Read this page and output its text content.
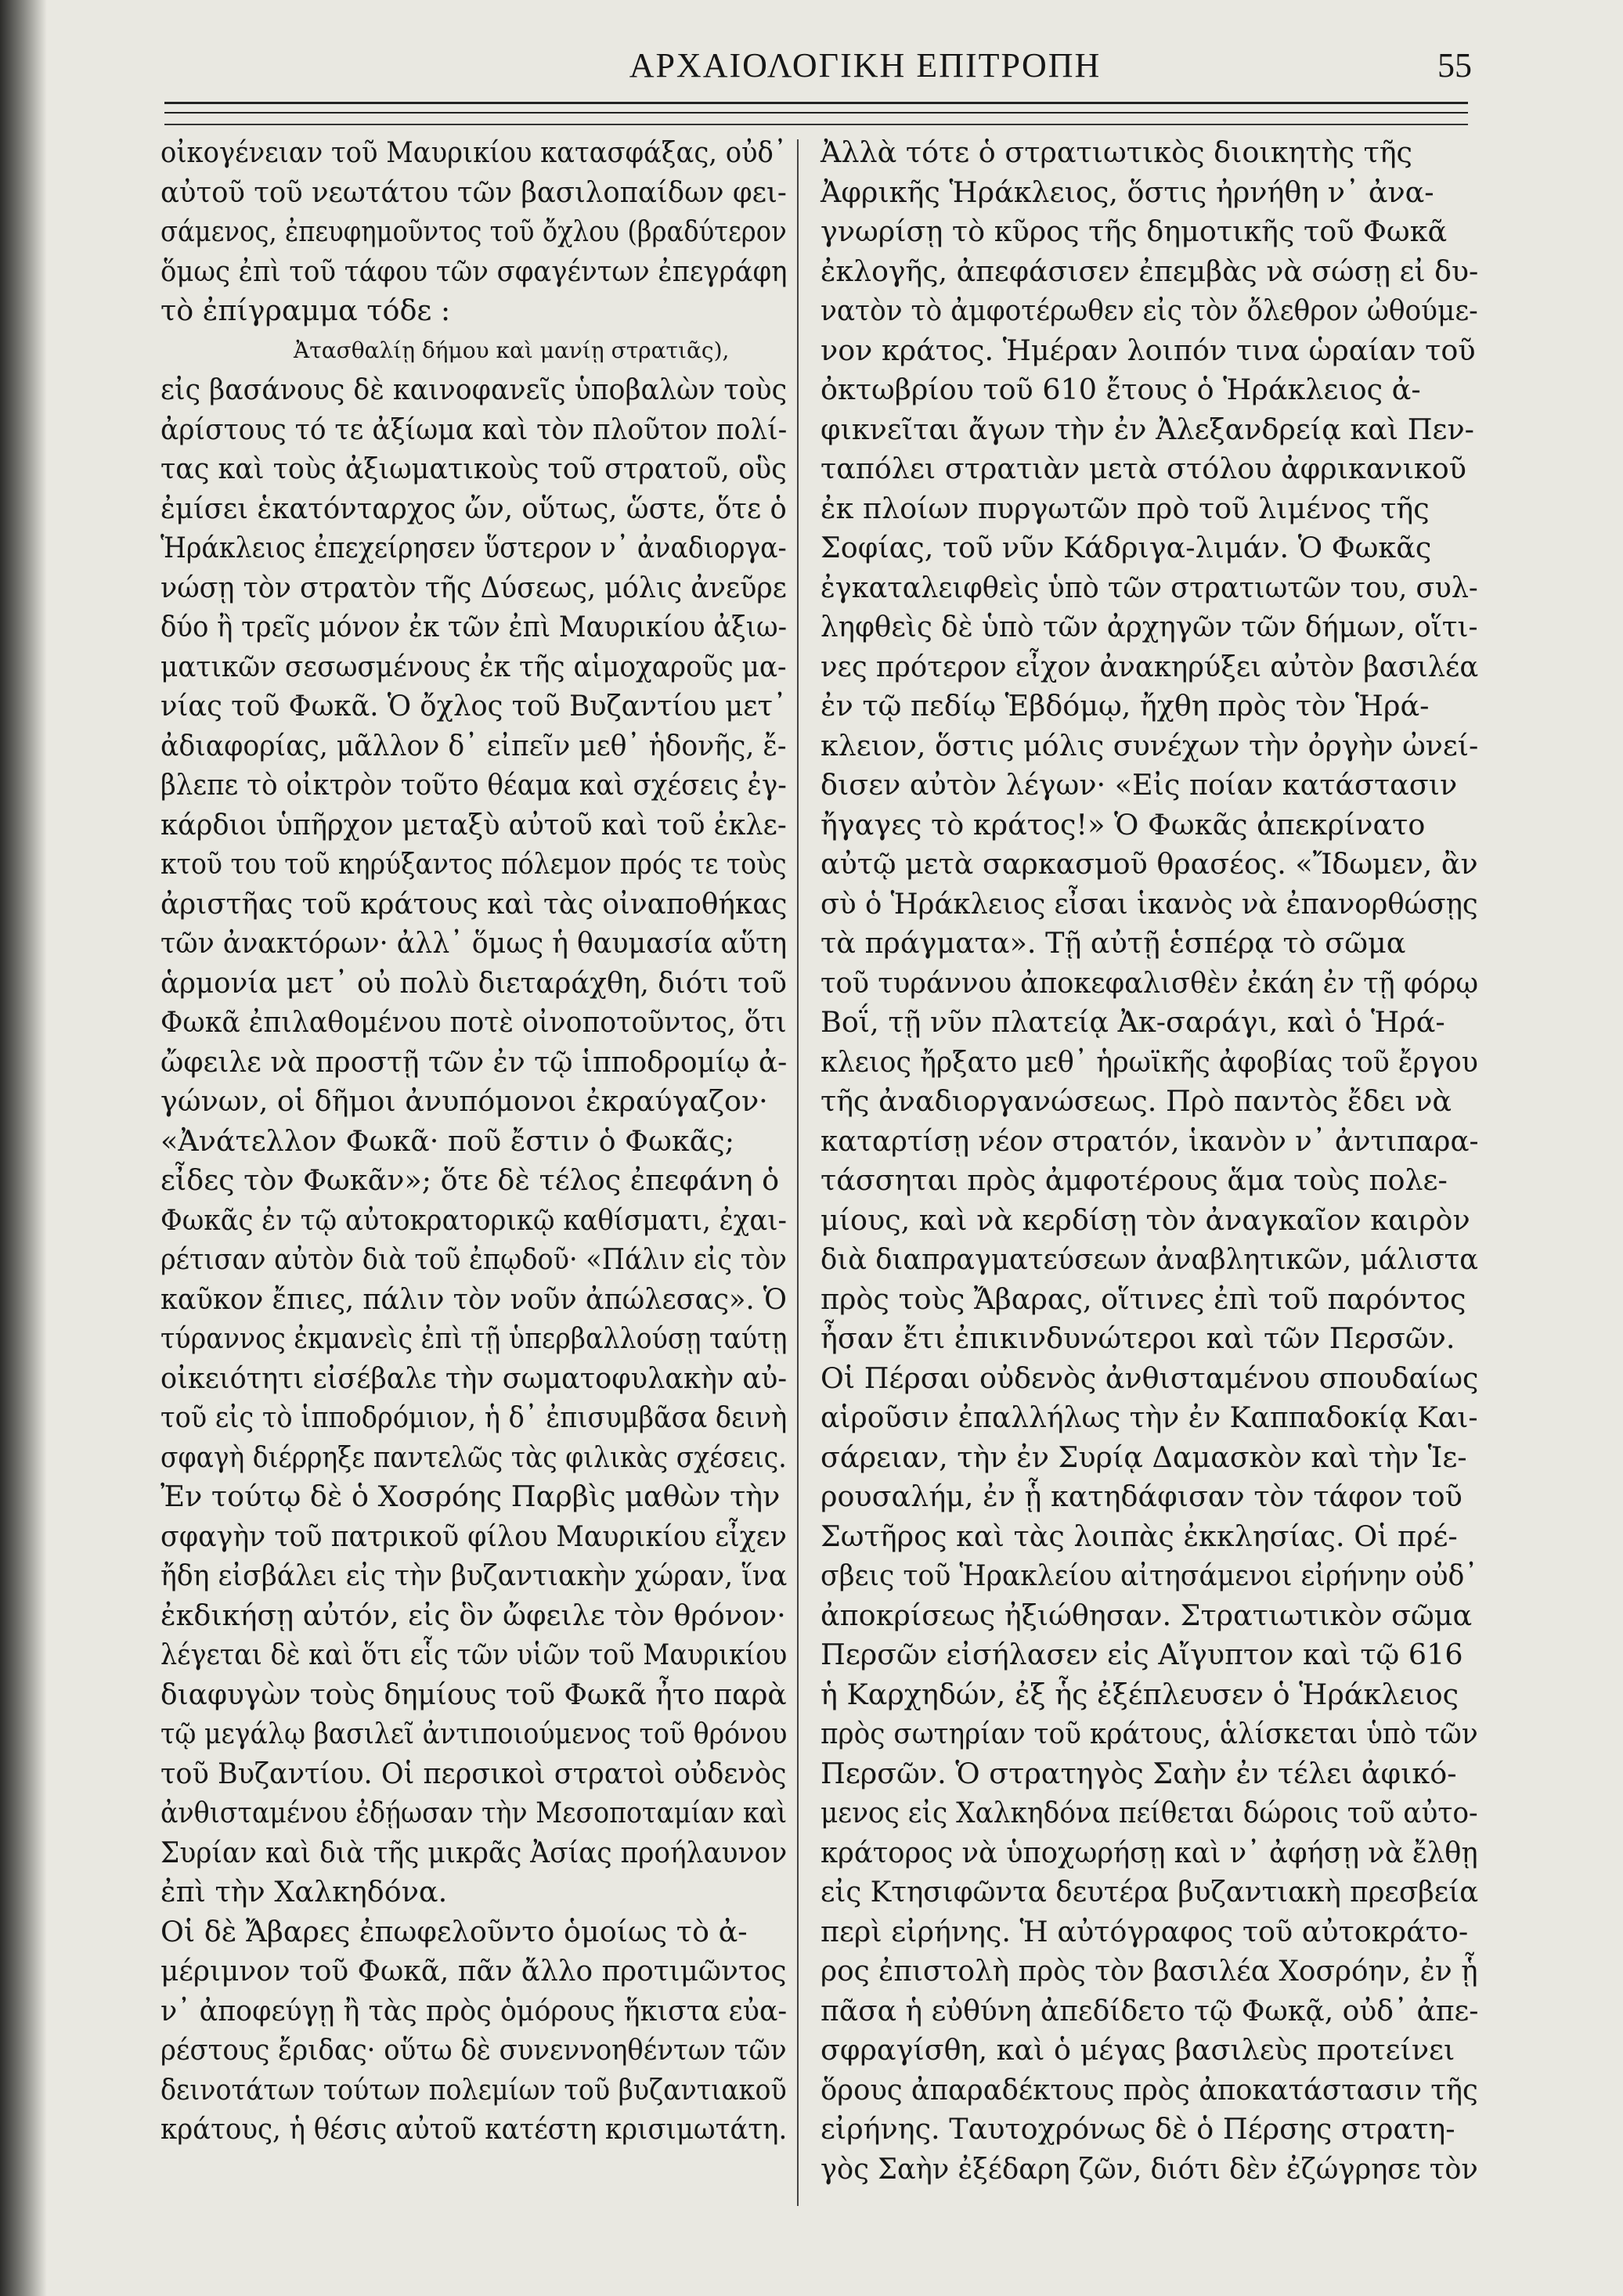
ΑΡΧΑΙΟΛΟΓΙΚΗ ΕΠΙΤΡΟΠΗ	55
οἰκογένειαν τοῦ Μαυρικίου κατασφάξας, οὐδ᾽
αὐτοῦ τοῦ νεωτάτου τῶν βασιλοπαίδων φει-
σάμενος, ἐπευφημοῦντος τοῦ ὄχλου (βραδύτερον
ὅμως ἐπὶ τοῦ τάφου τῶν σφαγέντων ἐπεγράφη
τὸ ἐπίγραμμα τόδε :
Ἀτασθαλίῃ δήμου καὶ μανίῃ στρατιᾶς),
εἰς βασάνους δὲ καινοφανεῖς ὑποβαλὼν τοὺς
ἀρίστους τό τε ἀξίωμα καὶ τὸν πλοῦτον πολί-
τας καὶ τοὺς ἀξιωματικοὺς τοῦ στρατοῦ, οὓς
ἐμίσει ἑκατόνταρχος ὤν, οὕτως, ὥστε, ὅτε ὁ
Ἡράκλειος ἐπεχείρησεν ὕστερον ν᾽ ἀναδιοργα-
νώσῃ τὸν στρατὸν τῆς Δύσεως, μόλις ἀνεῦρε
δύο ἢ τρεῖς μόνον ἐκ τῶν ἐπὶ Μαυρικίου ἀξιω-
ματικῶν σεσωσμένους ἐκ τῆς αἱμοχαροῦς μα-
νίας τοῦ Φωκᾶ. Ὁ ὄχλος τοῦ Βυζαντίου μετ᾽
ἀδιαφορίας, μᾶλλον δ᾽ εἰπεῖν μεθ᾽ ἡδονῆς, ἔ-
βλεπε τὸ οἰκτρὸν τοῦτο θέαμα καὶ σχέσεις ἐγ-
κάρδιοι ὑπῆρχον μεταξὺ αὐτοῦ καὶ τοῦ ἐκλε-
κτοῦ του τοῦ κηρύξαντος πόλεμον πρός τε τοὺς
ἀριστῆας τοῦ κράτους καὶ τὰς οἰναποθήκας
τῶν ἀνακτόρων· ἀλλ᾽ ὅμως ἡ θαυμασία αὕτη
ἁρμονία μετ᾽ οὐ πολὺ διεταράχθη, διότι τοῦ
Φωκᾶ ἐπιλαθομένου ποτὲ οἰνοποτοῦντος, ὅτι
ὤφειλε νὰ προστῇ τῶν ἐν τῷ ἱπποδρομίῳ ἀ-
γώνων, οἱ δῆμοι ἀνυπόμονοι ἐκραύγαζον·
«Ἀνάτελλον Φωκᾶ· ποῦ ἔστιν ὁ Φωκᾶς;
εἶδες τὸν Φωκᾶν»; ὅτε δὲ τέλος ἐπεφάνη ὁ
Φωκᾶς ἐν τῷ αὐτοκρατορικῷ καθίσματι, ἐχαι-
ρέτισαν αὐτὸν διὰ τοῦ ἐπῳδοῦ· «Πάλιν εἰς τὸν
καῦκον ἔπιες, πάλιν τὸν νοῦν ἀπώλεσας». Ὁ
τύραννος ἐκμανεὶς ἐπὶ τῇ ὑπερβαλλούσῃ ταύτῃ
οἰκειότητι εἰσέβαλε τὴν σωματοφυλακὴν αὐ-
τοῦ εἰς τὸ ἱπποδρόμιον, ἡ δ᾽ ἐπισυμβᾶσα δεινὴ
σφαγὴ διέρρηξε παντελῶς τὰς φιλικὰς σχέσεις.
Ἐν τούτῳ δὲ ὁ Χοσρόης Παρβὶς μαθὼν τὴν
σφαγὴν τοῦ πατρικοῦ φίλου Μαυρικίου εἶχεν
ἤδη εἰσβάλει εἰς τὴν βυζαντιακὴν χώραν, ἵνα
ἐκδικήσῃ αὐτόν, εἰς ὃν ὤφειλε τὸν θρόνον·
λέγεται δὲ καὶ ὅτι εἷς τῶν υἱῶν τοῦ Μαυρικίου
διαφυγὼν τοὺς δημίους τοῦ Φωκᾶ ἦτο παρὰ
τῷ μεγάλῳ βασιλεῖ ἀντιποιούμενος τοῦ θρόνου
τοῦ Βυζαντίου. Οἱ περσικοὶ στρατοὶ οὐδενὸς
ἀνθισταμένου ἐδῄωσαν τὴν Μεσοποταμίαν καὶ
Συρίαν καὶ διὰ τῆς μικρᾶς Ἀσίας προήλαυνον
ἐπὶ τὴν Χαλκηδόνα.
Οἱ δὲ Ἄβαρες ἐπωφελοῦντο ὁμοίως τὸ ἀ-
μέριμνον τοῦ Φωκᾶ, πᾶν ἄλλο προτιμῶντος
ν᾽ ἀποφεύγῃ ἢ τὰς πρὸς ὁμόρους ἥκιστα εὐα-
ρέστους ἔριδας· οὕτω δὲ συνεννοηθέντων τῶν
δεινοτάτων τούτων πολεμίων τοῦ βυζαντιακοῦ
κράτους, ἡ θέσις αὐτοῦ κατέστη κρισιμωτάτη.
Ἀλλὰ τότε ὁ στρατιωτικὸς διοικητὴς τῆς
Ἀφρικῆς Ἡράκλειος, ὅστις ἠρνήθη ν᾽ ἀνα-
γνωρίσῃ τὸ κῦρος τῆς δημοτικῆς τοῦ Φωκᾶ
ἐκλογῆς, ἀπεφάσισεν ἐπεμβὰς νὰ σώσῃ εἰ δυ-
νατὸν τὸ ἀμφοτέρωθεν εἰς τὸν ὄλεθρον ὠθούμε-
νον κράτος. Ἡμέραν λοιπόν τινα ὡραίαν τοῦ
ὀκτωβρίου τοῦ 610 ἔτους ὁ Ἡράκλειος ἀ-
φικνεῖται ἄγων τὴν ἐν Ἀλεξανδρείᾳ καὶ Πεν-
ταπόλει στρατιὰν μετὰ στόλου ἀφρικανικοῦ
ἐκ πλοίων πυργωτῶν πρὸ τοῦ λιμένος τῆς
Σοφίας, τοῦ νῦν Κάδριγα-λιμάν. Ὁ Φωκᾶς
ἐγκαταλειφθεὶς ὑπὸ τῶν στρατιωτῶν του, συλ-
ληφθεὶς δὲ ὑπὸ τῶν ἀρχηγῶν τῶν δήμων, οἵτι-
νες πρότερον εἶχον ἀνακηρύξει αὐτὸν βασιλέα
ἐν τῷ πεδίῳ Ἑβδόμῳ, ἤχθη πρὸς τὸν Ἡρά-
κλειον, ὅστις μόλις συνέχων τὴν ὀργὴν ὠνεί-
δισεν αὐτὸν λέγων· «Εἰς ποίαν κατάστασιν
ἤγαγες τὸ κράτος!» Ὁ Φωκᾶς ἀπεκρίνατο
αὐτῷ μετὰ σαρκασμοῦ θρασέος. «Ἴδωμεν, ἂν
σὺ ὁ Ἡράκλειος εἶσαι ἱκανὸς νὰ ἐπανορθώσῃς
τὰ πράγματα». Τῇ αὐτῇ ἑσπέρᾳ τὸ σῶμα
τοῦ τυράννου ἀποκεφαλισθὲν ἐκάη ἐν τῇ φόρῳ
Βοΐ, τῇ νῦν πλατείᾳ Ἀκ-σαράγι, καὶ ὁ Ἡρά-
κλειος ἤρξατο μεθ᾽ ἡρωϊκῆς ἀφοβίας τοῦ ἔργου
τῆς ἀναδιοργανώσεως. Πρὸ παντὸς ἔδει νὰ
καταρτίσῃ νέον στρατόν, ἱκανὸν ν᾽ ἀντιπαρα-
τάσσηται πρὸς ἀμφοτέρους ἅμα τοὺς πολε-
μίους, καὶ νὰ κερδίσῃ τὸν ἀναγκαῖον καιρὸν
διὰ διαπραγματεύσεων ἀναβλητικῶν, μάλιστα
πρὸς τοὺς Ἄβαρας, οἵτινες ἐπὶ τοῦ παρόντος
ἦσαν ἔτι ἐπικινδυνώτεροι καὶ τῶν Περσῶν.
Οἱ Πέρσαι οὐδενὸς ἀνθισταμένου σπουδαίως
αἱροῦσιν ἐπαλλήλως τὴν ἐν Καππαδοκίᾳ Και-
σάρειαν, τὴν ἐν Συρίᾳ Δαμασκὸν καὶ τὴν Ἱε-
ρουσαλήμ, ἐν ᾗ κατηδάφισαν τὸν τάφον τοῦ
Σωτῆρος καὶ τὰς λοιπὰς ἐκκλησίας. Οἱ πρέ-
σβεις τοῦ Ἡρακλείου αἰτησάμενοι εἰρήνην οὐδ᾽
ἀποκρίσεως ἠξιώθησαν. Στρατιωτικὸν σῶμα
Περσῶν εἰσήλασεν εἰς Αἴγυπτον καὶ τῷ 616
ἡ Καρχηδών, ἐξ ἧς ἐξέπλευσεν ὁ Ἡράκλειος
πρὸς σωτηρίαν τοῦ κράτους, ἁλίσκεται ὑπὸ τῶν
Περσῶν. Ὁ στρατηγὸς Σαὴν ἐν τέλει ἀφικό-
μενος εἰς Χαλκηδόνα πείθεται δώροις τοῦ αὐτο-
κράτορος νὰ ὑποχωρήσῃ καὶ ν᾽ ἀφήσῃ νὰ ἔλθῃ
εἰς Κτησιφῶντα δευτέρα βυζαντιακὴ πρεσβεία
περὶ εἰρήνης. Ἡ αὐτόγραφος τοῦ αὐτοκράτο-
ρος ἐπιστολὴ πρὸς τὸν βασιλέα Χοσρόην, ἐν ᾗ
πᾶσα ἡ εὐθύνη ἀπεδίδετο τῷ Φωκᾷ, οὐδ᾽ ἀπε-
σφραγίσθη, καὶ ὁ μέγας βασιλεὺς προτείνει
ὅρους ἀπαραδέκτους πρὸς ἀποκατάστασιν τῆς
εἰρήνης. Ταυτοχρόνως δὲ ὁ Πέρσης στρατη-
γὸς Σαὴν ἐξέδαρη ζῶν, διότι δὲν ἐζώγρησε τὸν
